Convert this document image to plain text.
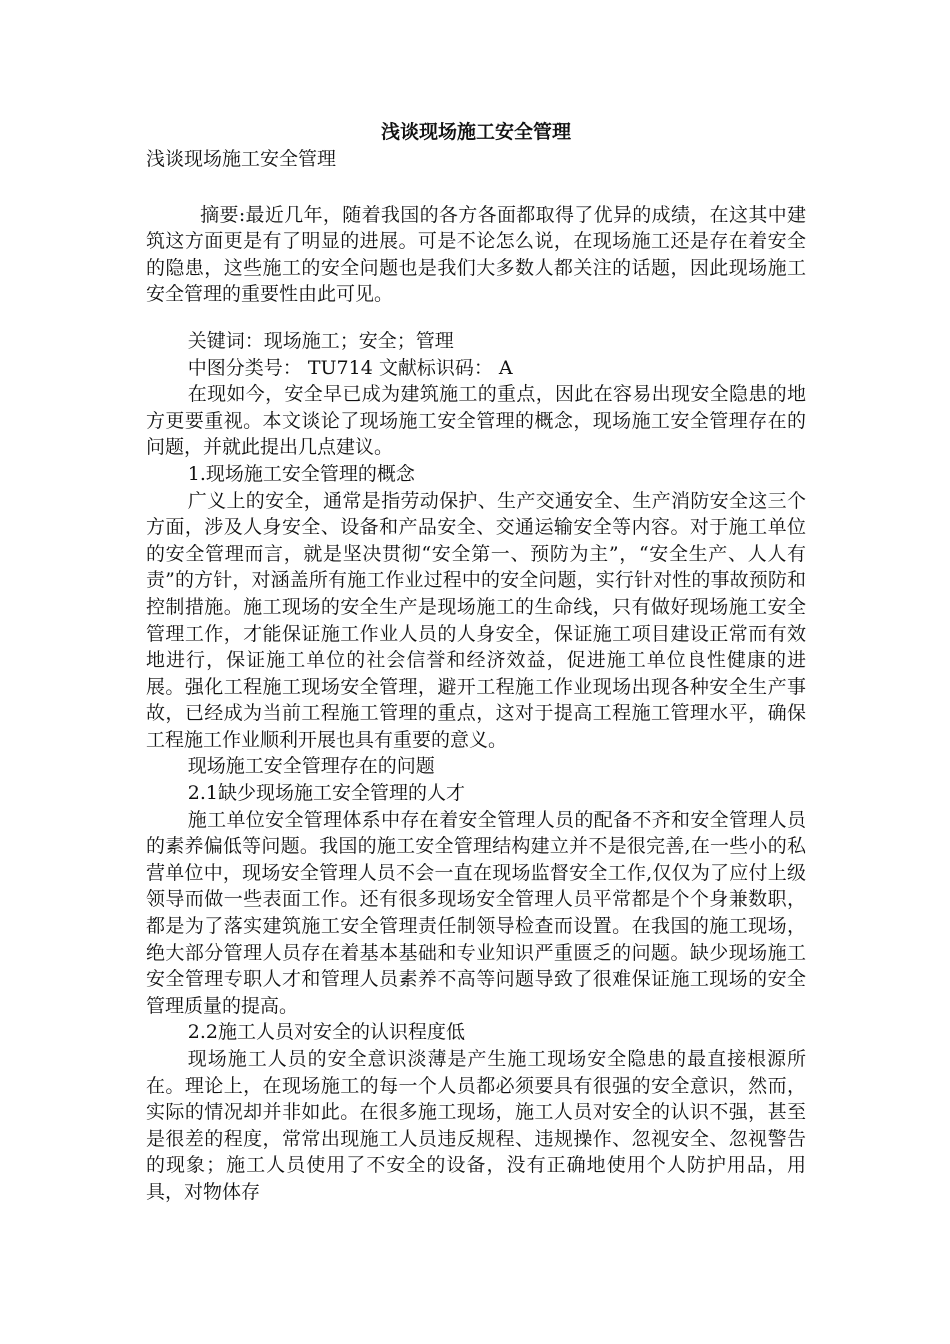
浅谈现场施工安全管理

浅谈现场施工安全管理

摘要:最近几年，随着我国的各方各面都取得了优异的成绩，在这其中建筑这方面更是有了明显的进展。可是不论怎么说，在现场施工还是存在着安全的隐患，这些施工的安全问题也是我们大多数人都关注的话题，因此现场施工安全管理的重要性由此可见。

关键词：现场施工；安全；管理

中图分类号： TU714 文献标识码： A

在现如今，安全早已成为建筑施工的重点，因此在容易出现安全隐患的地方更要重视。本文谈论了现场施工安全管理的概念，现场施工安全管理存在的问题，并就此提出几点建议。

1.现场施工安全管理的概念

广义上的安全，通常是指劳动保护、生产交通安全、生产消防安全这三个方面，涉及人身安全、设备和产品安全、交通运输安全等内容。对于施工单位的安全管理而言，就是坚决贯彻“安全第一、预防为主”，“安全生产、人人有责”的方针，对涵盖所有施工作业过程中的安全问题，实行针对性的事故预防和控制措施。施工现场的安全生产是现场施工的生命线，只有做好现场施工安全管理工作，才能保证施工作业人员的人身安全，保证施工项目建设正常而有效地进行，保证施工单位的社会信誉和经济效益，促进施工单位良性健康的进展。强化工程施工现场安全管理，避开工程施工作业现场出现各种安全生产事故，已经成为当前工程施工管理的重点，这对于提高工程施工管理水平，确保工程施工作业顺利开展也具有重要的意义。

现场施工安全管理存在的问题

2.1缺少现场施工安全管理的人才

施工单位安全管理体系中存在着安全管理人员的配备不齐和安全管理人员的素养偏低等问题。我国的施工安全管理结构建立并不是很完善,在一些小的私营单位中，现场安全管理人员不会一直在现场监督安全工作,仅仅为了应付上级领导而做一些表面工作。还有很多现场安全管理人员平常都是个个身兼数职，都是为了落实建筑施工安全管理责任制领导检查而设置。在我国的施工现场，绝大部分管理人员存在着基本基础和专业知识严重匮乏的问题。缺少现场施工安全管理专职人才和管理人员素养不高等问题导致了很难保证施工现场的安全管理质量的提高。

2.2施工人员对安全的认识程度低

现场施工人员的安全意识淡薄是产生施工现场安全隐患的最直接根源所在。理论上，在现场施工的每一个人员都必须要具有很强的安全意识，然而，实际的情况却并非如此。在很多施工现场，施工人员对安全的认识不强，甚至是很差的程度，常常出现施工人员违反规程、违规操作、忽视安全、忽视警告的现象；施工人员使用了不安全的设备，没有正确地使用个人防护用品，用具，对物体存
